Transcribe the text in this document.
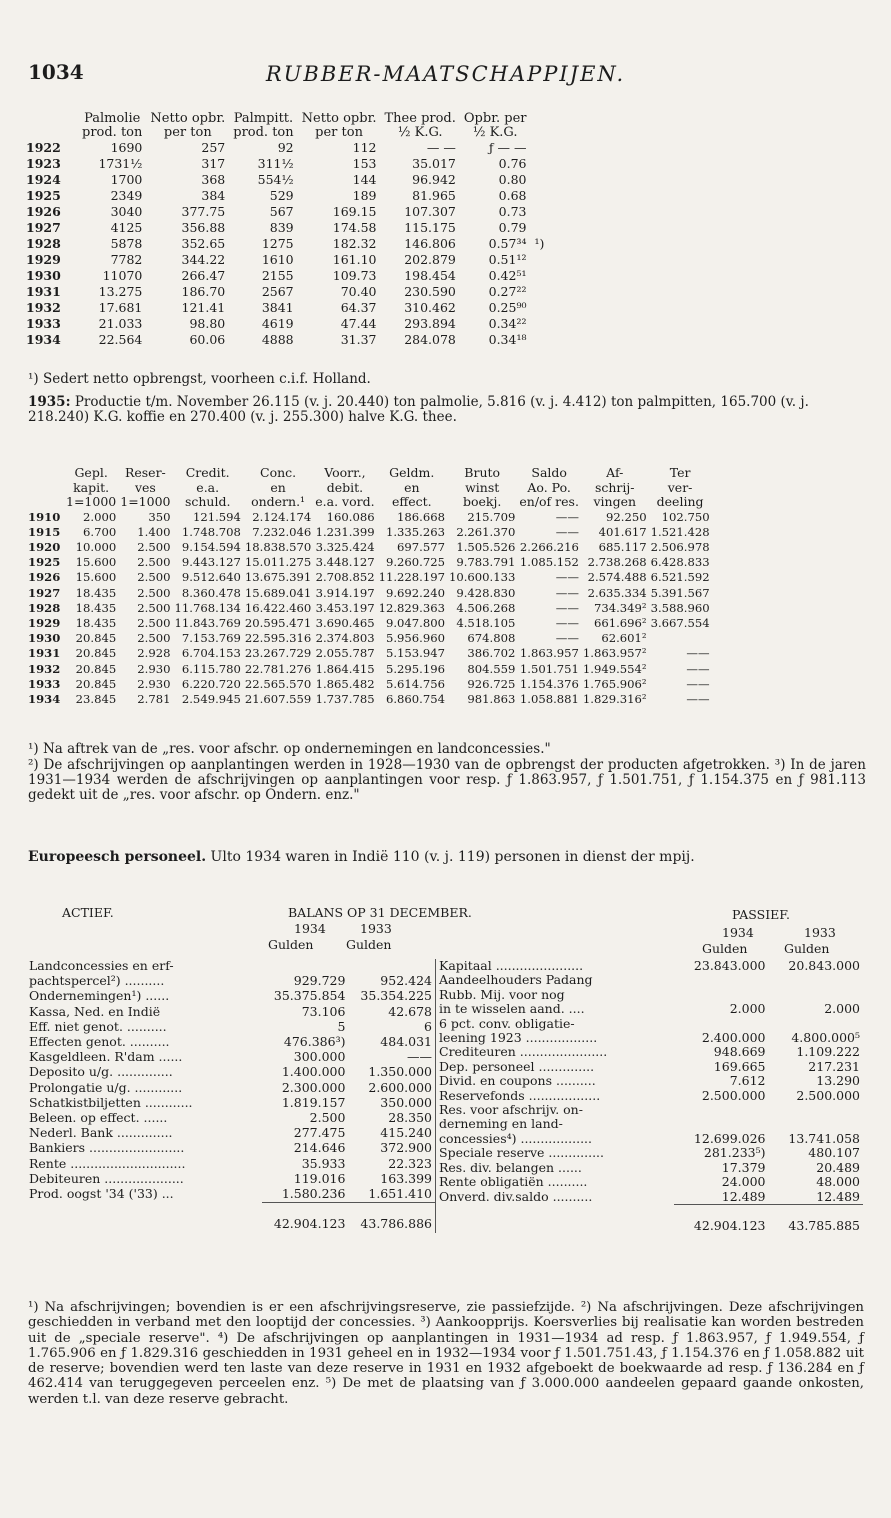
1034	RUBBER-MAATSCHAPPIJEN.
	Palmolie	Netto opbr.	Palmpitt.	Netto opbr.	Thee prod.	Opbr. per	
	prod. ton	per ton	prod. ton	per ton	½ K.G.	½ K.G.	
1922	1690	257	92	112	— —	ƒ — —	
1923	1731½	317	311½	153	35.017	0.76	
1924	1700	368	554½	144	96.942	0.80	
1925	2349	384	529	189	81.965	0.68	
1926	3040	377.75	567	169.15	107.307	0.73	
1927	4125	356.88	839	174.58	115.175	0.79	
1928	5878	352.65	1275	182.32	146.806	0.57³⁴	¹)
1929	7782	344.22	1610	161.10	202.879	0.51¹²	
1930	11070	266.47	2155	109.73	198.454	0.42⁵¹	
1931	13.275	186.70	2567	70.40	230.590	0.27²²	
1932	17.681	121.41	3841	64.37	310.462	0.25⁹⁰	
1933	21.033	98.80	4619	47.44	293.894	0.34²²	
1934	22.564	60.06	4888	31.37	284.078	0.34¹⁸	
¹) Sedert netto opbrengst, voorheen c.i.f. Holland.
1935: Productie t/m. November 26.115 (v. j. 20.440) ton palmolie, 5.816 (v. j. 4.412) ton palmpitten, 165.700 (v. j. 218.240) K.G. koffie en 270.400 (v. j. 255.300) halve K.G. thee.
	Gepl.	Reser-	Credit.	Conc.	Voorr.,	Geldm.	Bruto	Saldo	Af-	Ter
	kapit.	ves	e.a.	en	debit.	en	winst	Ao. Po.	schrij-	ver-
	1=1000	1=1000	schuld.	ondern.¹	e.a. vord.	effect.	boekj.	en/of res.	vingen	deeling
1910	2.000	350	121.594	2.124.174	160.086	186.668	215.709	——	92.250	102.750
1915	6.700	1.400	1.748.708	7.232.046	1.231.399	1.335.263	2.261.370	——	401.617	1.521.428
1920	10.000	2.500	9.154.594	18.838.570	3.325.424	697.577	1.505.526	2.266.216	685.117	2.506.978
1925	15.600	2.500	9.443.127	15.011.275	3.448.127	9.260.725	9.783.791	1.085.152	2.738.268	6.428.833
1926	15.600	2.500	9.512.640	13.675.391	2.708.852	11.228.197	10.600.133	——	2.574.488	6.521.592
1927	18.435	2.500	8.360.478	15.689.041	3.914.197	9.692.240	9.428.830	——	2.635.334	5.391.567
1928	18.435	2.500	11.768.134	16.422.460	3.453.197	12.829.363	4.506.268	——	734.349²	3.588.960
1929	18.435	2.500	11.843.769	20.595.471	3.690.465	9.047.800	4.518.105	——	661.696²	3.667.554
1930	20.845	2.500	7.153.769	22.595.316	2.374.803	5.956.960	674.808	——	62.601²	
1931	20.845	2.928	6.704.153	23.267.729	2.055.787	5.153.947	386.702	1.863.957	1.863.957²	——
1932	20.845	2.930	6.115.780	22.781.276	1.864.415	5.295.196	804.559	1.501.751	1.949.554²	——
1933	20.845	2.930	6.220.720	22.565.570	1.865.482	5.614.756	926.725	1.154.376	1.765.906²	——
1934	23.845	2.781	2.549.945	21.607.559	1.737.785	6.860.754	981.863	1.058.881	1.829.316²	——
¹) Na aftrek van de „res. voor afschr. op ondernemingen en landconcessies."
²) De afschrijvingen op aanplantingen werden in 1928—1930 van de opbrengst der producten afgetrokken. ³) In de jaren 1931—1934 werden de afschrijvingen op aanplantingen voor resp. ƒ 1.863.957, ƒ 1.501.751, ƒ 1.154.375 en ƒ 981.113 gedekt uit de „res. voor afschr. op Ondern. enz."
Europeesch personeel. Ulto 1934 waren in Indië 110 (v. j. 119) personen in dienst der mpij.
ACTIEF.	BALANS OP 31 DECEMBER.	PASSIEF.
1934	1933
Gulden	Gulden
1934	1933
Gulden	Gulden
Landconcessies en erf-		
pachtspercel²) ..........	929.729	952.424
Ondernemingen¹) ......	35.375.854	35.354.225
Kassa, Ned. en Indië	73.106	42.678
Eff. niet genot. ..........	5	6
Effecten genot. ..........	476.386³)	484.031
Kasgeldleen. R'dam ......	300.000	——
Deposito u/g. ..............	1.400.000	1.350.000
Prolongatie u/g. ............	2.300.000	2.600.000
Schatkistbiljetten ............	1.819.157	350.000
Beleen. op effect. ......	2.500	28.350
Nederl. Bank ..............	277.475	415.240
Bankiers ........................	214.646	372.900
Rente .............................	35.933	22.323
Debiteuren ....................	119.016	163.399
Prod. oogst '34 ('33) ...	1.580.236	1.651.410
	42.904.123	43.786.886

Kapitaal ......................	23.843.000	20.843.000
Aandeelhouders Padang		
Rubb. Mij. voor nog		
in te wisselen aand. ....	2.000	2.000
6 pct. conv. obligatie-		
leening 1923 ..................	2.400.000	4.800.000⁵
Crediteuren ......................	948.669	1.109.222
Dep. personeel ..............	169.665	217.231
Divid. en coupons ..........	7.612	13.290
Reservefonds ..................	2.500.000	2.500.000
Res. voor afschrijv. on-		
derneming en land-		
concessies⁴) ..................	12.699.026	13.741.058
Speciale reserve ..............	281.233⁵)	480.107
Res. div. belangen ......	17.379	20.489
Rente obligatiën ..........	24.000	48.000
Onverd. div.saldo ..........	12.489	12.489
	42.904.123	43.785.885
¹) Na afschrijvingen; bovendien is er een afschrijvingsreserve, zie passiefzijde. ²) Na afschrijvingen. Deze afschrijvingen geschiedden in verband met den looptijd der concessies. ³) Aankoopprijs. Koersverlies bij realisatie kan worden bestreden uit de „speciale reserve". ⁴) De afschrijvingen op aanplantingen in 1931—1934 ad resp. ƒ 1.863.957, ƒ 1.949.554, ƒ 1.765.906 en ƒ 1.829.316 geschiedden in 1931 geheel en in 1932—1934 voor ƒ 1.501.751.43, ƒ 1.154.376 en ƒ 1.058.882 uit de reserve; bovendien werd ten laste van deze reserve in 1931 en 1932 afgeboekt de boekwaarde ad resp. ƒ 136.284 en ƒ 462.414 van teruggegeven perceelen enz. ⁵) De met de plaatsing van ƒ 3.000.000 aandeelen gepaard gaande onkosten, werden t.l. van deze reserve gebracht.
